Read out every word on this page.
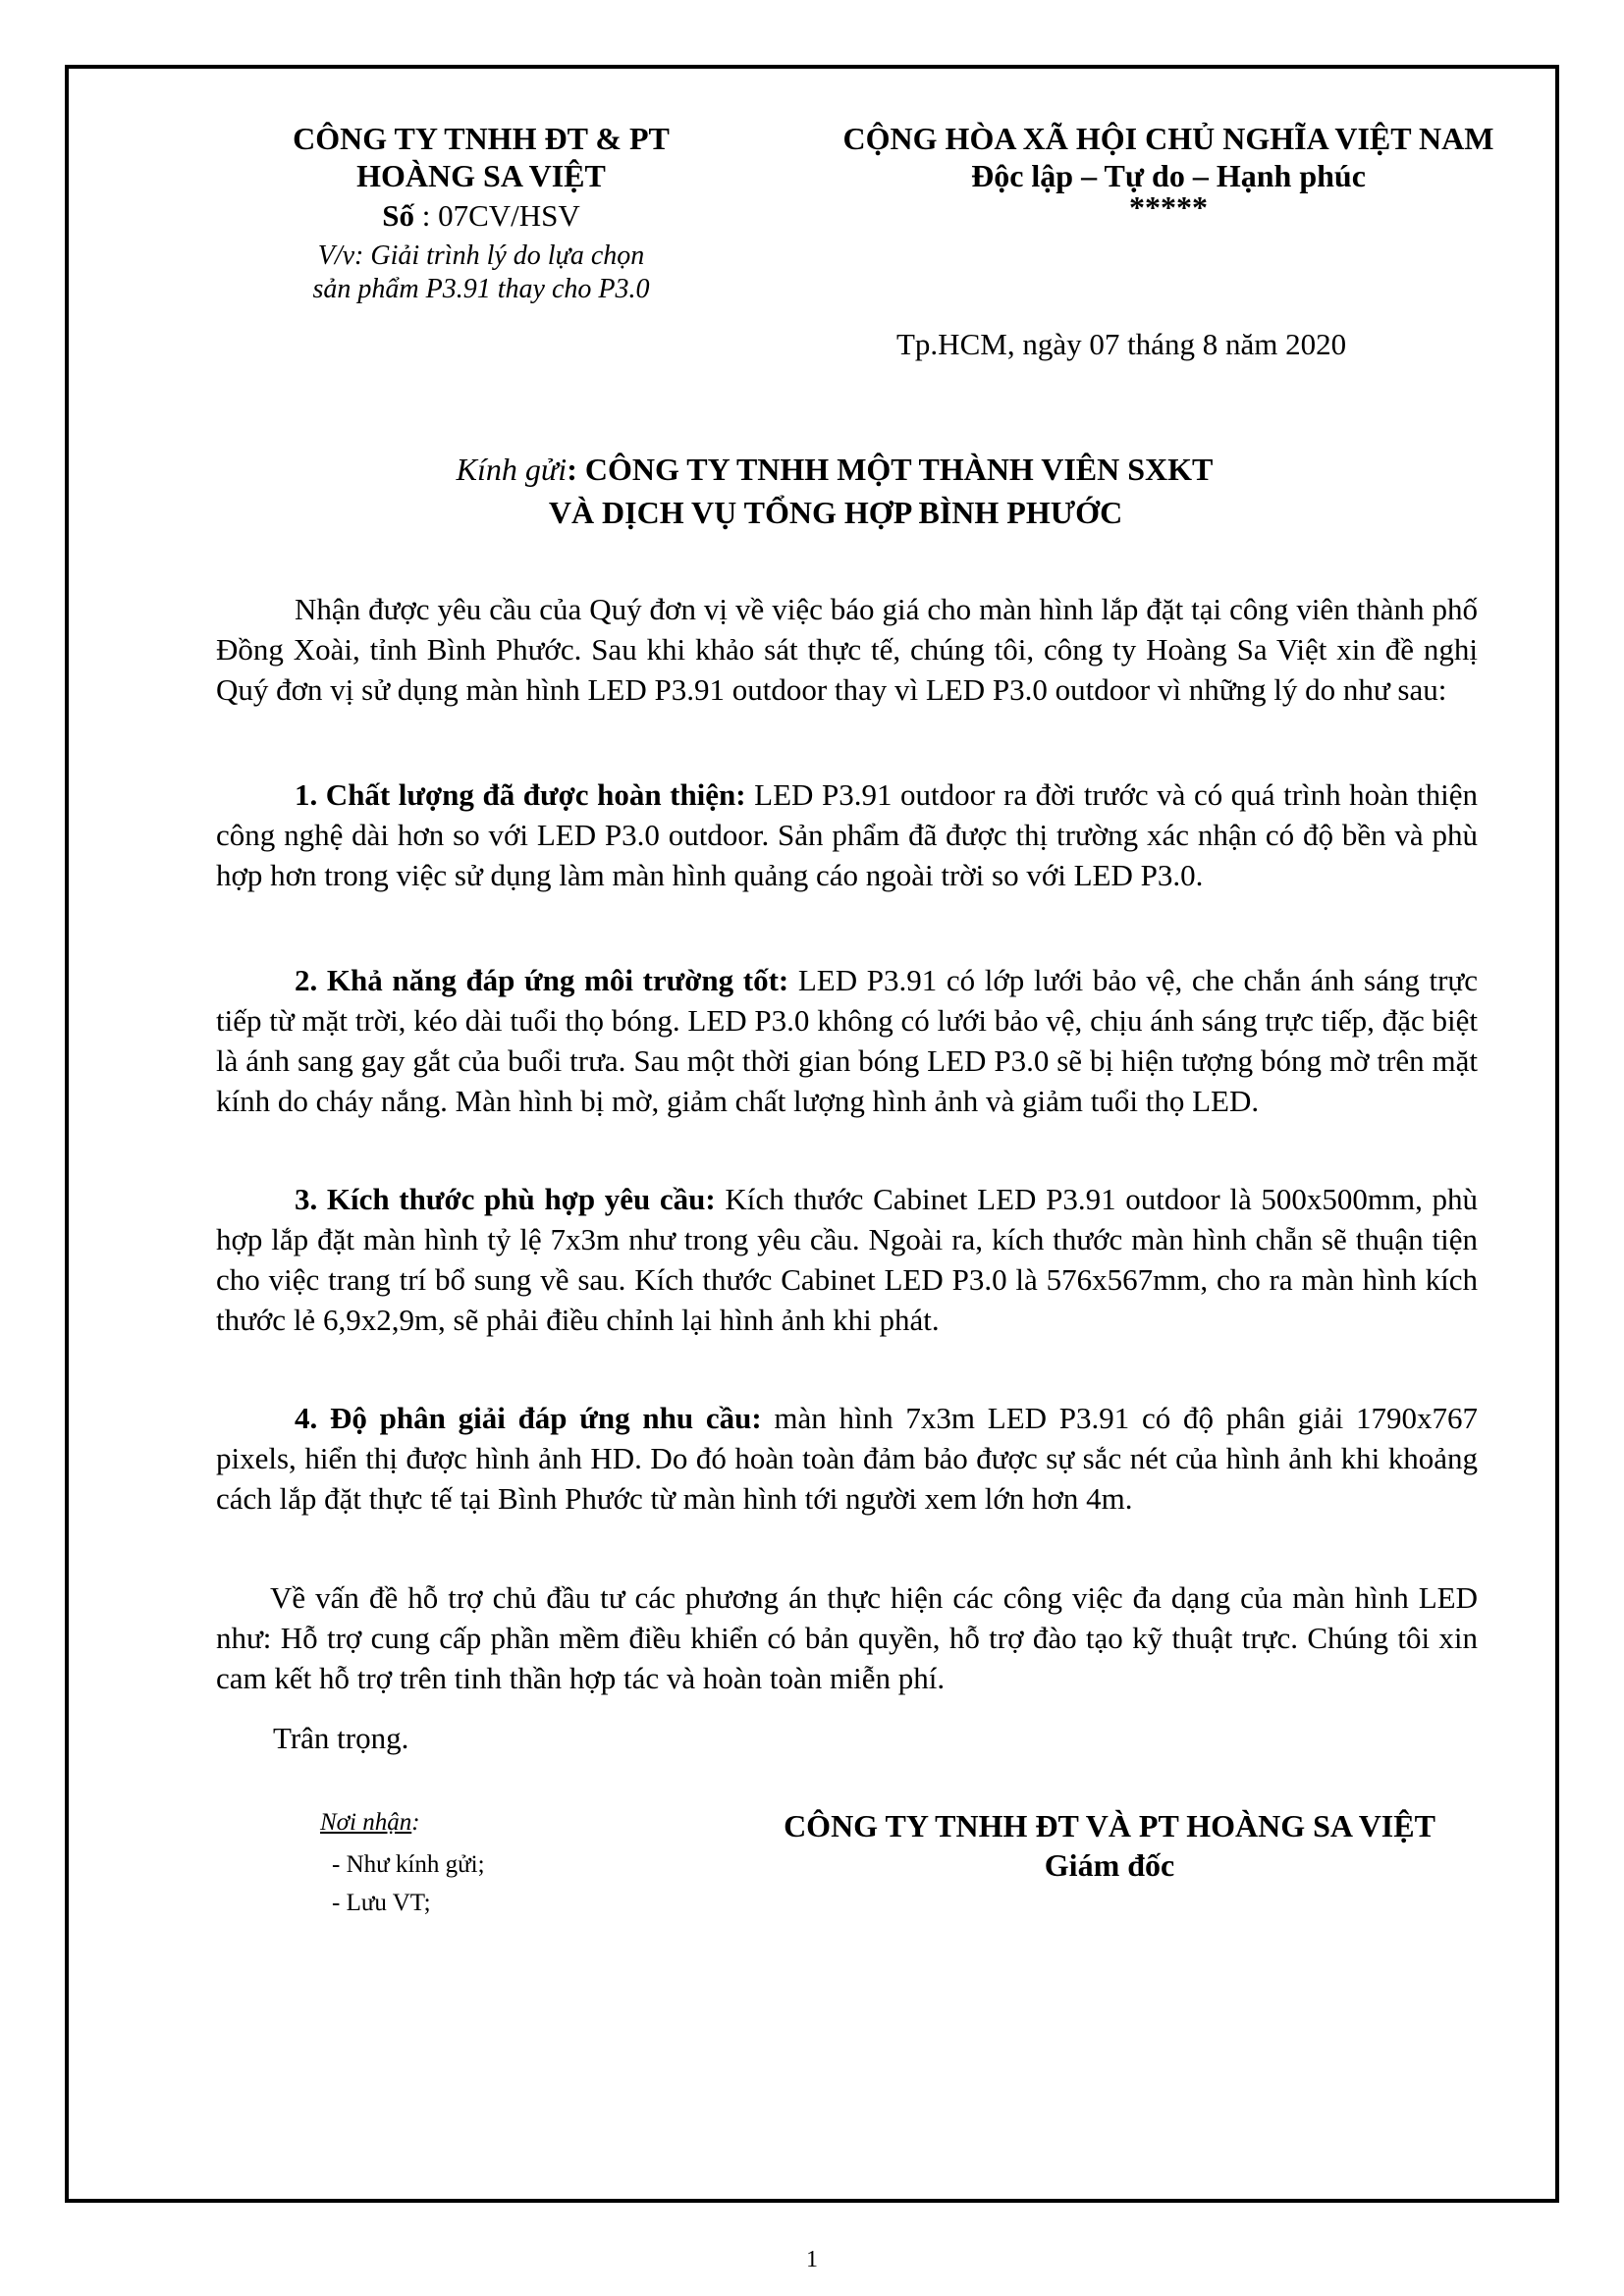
CÔNG TY TNHH ĐT & PT
HOÀNG SA VIỆT
Số : 07CV/HSV
V/v: Giải trình lý do lựa chọn
sản phẩm P3.91 thay cho P3.0
CỘNG HÒA XÃ HỘI CHỦ NGHĨA VIỆT NAM
Độc lập – Tự do – Hạnh phúc
*****
Tp.HCM, ngày 07 tháng 8 năm 2020
Kính gửi: CÔNG TY TNHH MỘT THÀNH VIÊN SXKT
VÀ DỊCH VỤ TỔNG HỢP BÌNH PHƯỚC

Nhận được yêu cầu của Quý đơn vị về việc báo giá cho màn hình lắp đặt tại công viên thành phố Đồng Xoài, tỉnh Bình Phước. Sau khi khảo sát thực tế, chúng tôi, công ty Hoàng Sa Việt xin đề nghị Quý đơn vị sử dụng màn hình LED P3.91 outdoor thay vì LED P3.0 outdoor vì những lý do như sau:

1. Chất lượng đã được hoàn thiện: LED P3.91 outdoor ra đời trước và có quá trình hoàn thiện công nghệ dài hơn so với LED P3.0 outdoor. Sản phẩm đã được thị trường xác nhận có độ bền và phù hợp hơn trong việc sử dụng làm màn hình quảng cáo ngoài trời so với LED P3.0.

2. Khả năng đáp ứng môi trường tốt: LED P3.91 có lớp lưới bảo vệ, che chắn ánh sáng trực tiếp từ mặt trời, kéo dài tuổi thọ bóng. LED P3.0 không có lưới bảo vệ, chịu ánh sáng trực tiếp, đặc biệt là ánh sang gay gắt của buổi trưa. Sau một thời gian bóng LED P3.0 sẽ bị hiện tượng bóng mờ trên mặt kính do cháy nắng. Màn hình bị mờ, giảm chất lượng hình ảnh và giảm tuổi thọ LED.

3. Kích thước phù hợp yêu cầu: Kích thước Cabinet LED P3.91 outdoor là 500x500mm, phù hợp lắp đặt màn hình tỷ lệ 7x3m như trong yêu cầu. Ngoài ra, kích thước màn hình chẵn sẽ thuận tiện cho việc trang trí bổ sung về sau. Kích thước Cabinet LED P3.0 là 576x567mm, cho ra màn hình kích thước lẻ 6,9x2,9m, sẽ phải điều chỉnh lại hình ảnh khi phát.

4. Độ phân giải đáp ứng nhu cầu: màn hình 7x3m LED P3.91 có độ phân giải 1790x767 pixels, hiển thị được hình ảnh HD. Do đó hoàn toàn đảm bảo được sự sắc nét của hình ảnh khi khoảng cách lắp đặt thực tế tại Bình Phước từ màn hình tới người xem lớn hơn 4m.

Về vấn đề hỗ trợ chủ đầu tư các phương án thực hiện các công việc đa dạng của màn hình LED như: Hỗ trợ cung cấp phần mềm điều khiển có bản quyền, hỗ trợ đào tạo kỹ thuật trực. Chúng tôi xin cam kết hỗ trợ trên tinh thần hợp tác và hoàn toàn miễn phí.

Trân trọng.
Nơi nhận:
- Như kính gửi;
- Lưu VT;
CÔNG TY TNHH ĐT VÀ PT HOÀNG SA VIỆT
Giám đốc
1
